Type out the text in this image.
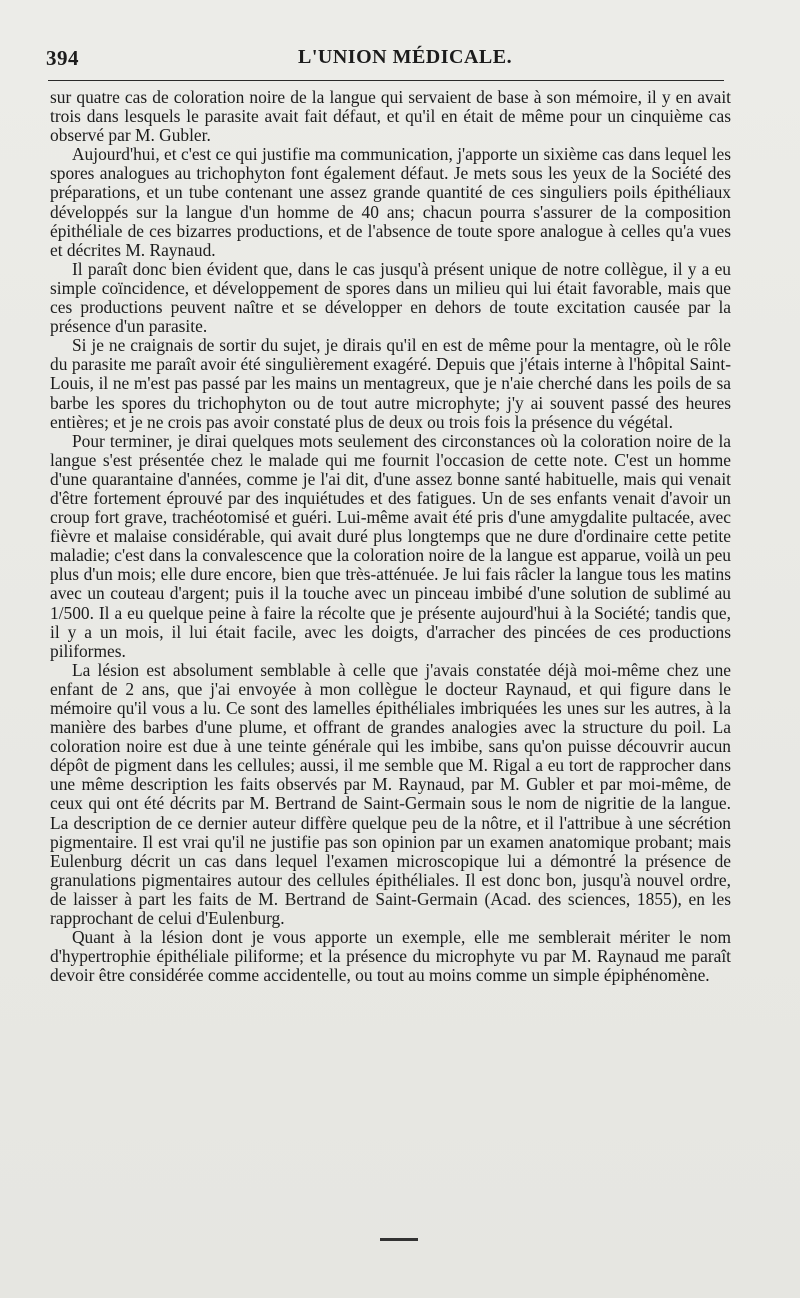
394	L'UNION MÉDICALE.

sur quatre cas de coloration noire de la langue qui servaient de base à son mémoire, il y en avait trois dans lesquels le parasite avait fait défaut, et qu'il en était de même pour un cinquième cas observé par M. Gubler.

Aujourd'hui, et c'est ce qui justifie ma communication, j'apporte un sixième cas dans lequel les spores analogues au trichophyton font également défaut. Je mets sous les yeux de la Société des préparations, et un tube contenant une assez grande quantité de ces singuliers poils épithéliaux développés sur la langue d'un homme de 40 ans; chacun pourra s'assurer de la composition épithéliale de ces bizarres productions, et de l'absence de toute spore analogue à celles qu'a vues et décrites M. Raynaud.

Il paraît donc bien évident que, dans le cas jusqu'à présent unique de notre collègue, il y a eu simple coïncidence, et développement de spores dans un milieu qui lui était favorable, mais que ces productions peuvent naître et se développer en dehors de toute excitation causée par la présence d'un parasite.

Si je ne craignais de sortir du sujet, je dirais qu'il en est de même pour la mentagre, où le rôle du parasite me paraît avoir été singulièrement exagéré. Depuis que j'étais interne à l'hôpital Saint-Louis, il ne m'est pas passé par les mains un mentagreux, que je n'aie cherché dans les poils de sa barbe les spores du trichophyton ou de tout autre microphyte; j'y ai souvent passé des heures entières; et je ne crois pas avoir constaté plus de deux ou trois fois la présence du végétal.

Pour terminer, je dirai quelques mots seulement des circonstances où la coloration noire de la langue s'est présentée chez le malade qui me fournit l'occasion de cette note. C'est un homme d'une quarantaine d'années, comme je l'ai dit, d'une assez bonne santé habituelle, mais qui venait d'être fortement éprouvé par des inquiétudes et des fatigues. Un de ses enfants venait d'avoir un croup fort grave, trachéotomisé et guéri. Lui-même avait été pris d'une amygdalite pultacée, avec fièvre et malaise considérable, qui avait duré plus longtemps que ne dure d'ordinaire cette petite maladie; c'est dans la convalescence que la coloration noire de la langue est apparue, voilà un peu plus d'un mois; elle dure encore, bien que très-atténuée. Je lui fais râcler la langue tous les matins avec un couteau d'argent; puis il la touche avec un pinceau imbibé d'une solution de sublimé au 1/500. Il a eu quelque peine à faire la récolte que je présente aujourd'hui à la Société; tandis que, il y a un mois, il lui était facile, avec les doigts, d'arracher des pincées de ces productions piliformes.

La lésion est absolument semblable à celle que j'avais constatée déjà moi-même chez une enfant de 2 ans, que j'ai envoyée à mon collègue le docteur Raynaud, et qui figure dans le mémoire qu'il vous a lu. Ce sont des lamelles épithéliales imbriquées les unes sur les autres, à la manière des barbes d'une plume, et offrant de grandes analogies avec la structure du poil. La coloration noire est due à une teinte générale qui les imbibe, sans qu'on puisse découvrir aucun dépôt de pigment dans les cellules; aussi, il me semble que M. Rigal a eu tort de rapprocher dans une même description les faits observés par M. Raynaud, par M. Gubler et par moi-même, de ceux qui ont été décrits par M. Bertrand de Saint-Germain sous le nom de nigritie de la langue. La description de ce dernier auteur diffère quelque peu de la nôtre, et il l'attribue à une sécrétion pigmentaire. Il est vrai qu'il ne justifie pas son opinion par un examen anatomique probant; mais Eulenburg décrit un cas dans lequel l'examen microscopique lui a démontré la présence de granulations pigmentaires autour des cellules épithéliales. Il est donc bon, jusqu'à nouvel ordre, de laisser à part les faits de M. Bertrand de Saint-Germain (Acad. des sciences, 1855), en les rapprochant de celui d'Eulenburg.

Quant à la lésion dont je vous apporte un exemple, elle me semblerait mériter le nom d'hypertrophie épithéliale piliforme; et la présence du microphyte vu par M. Raynaud me paraît devoir être considérée comme accidentelle, ou tout au moins comme un simple épiphénomène.
